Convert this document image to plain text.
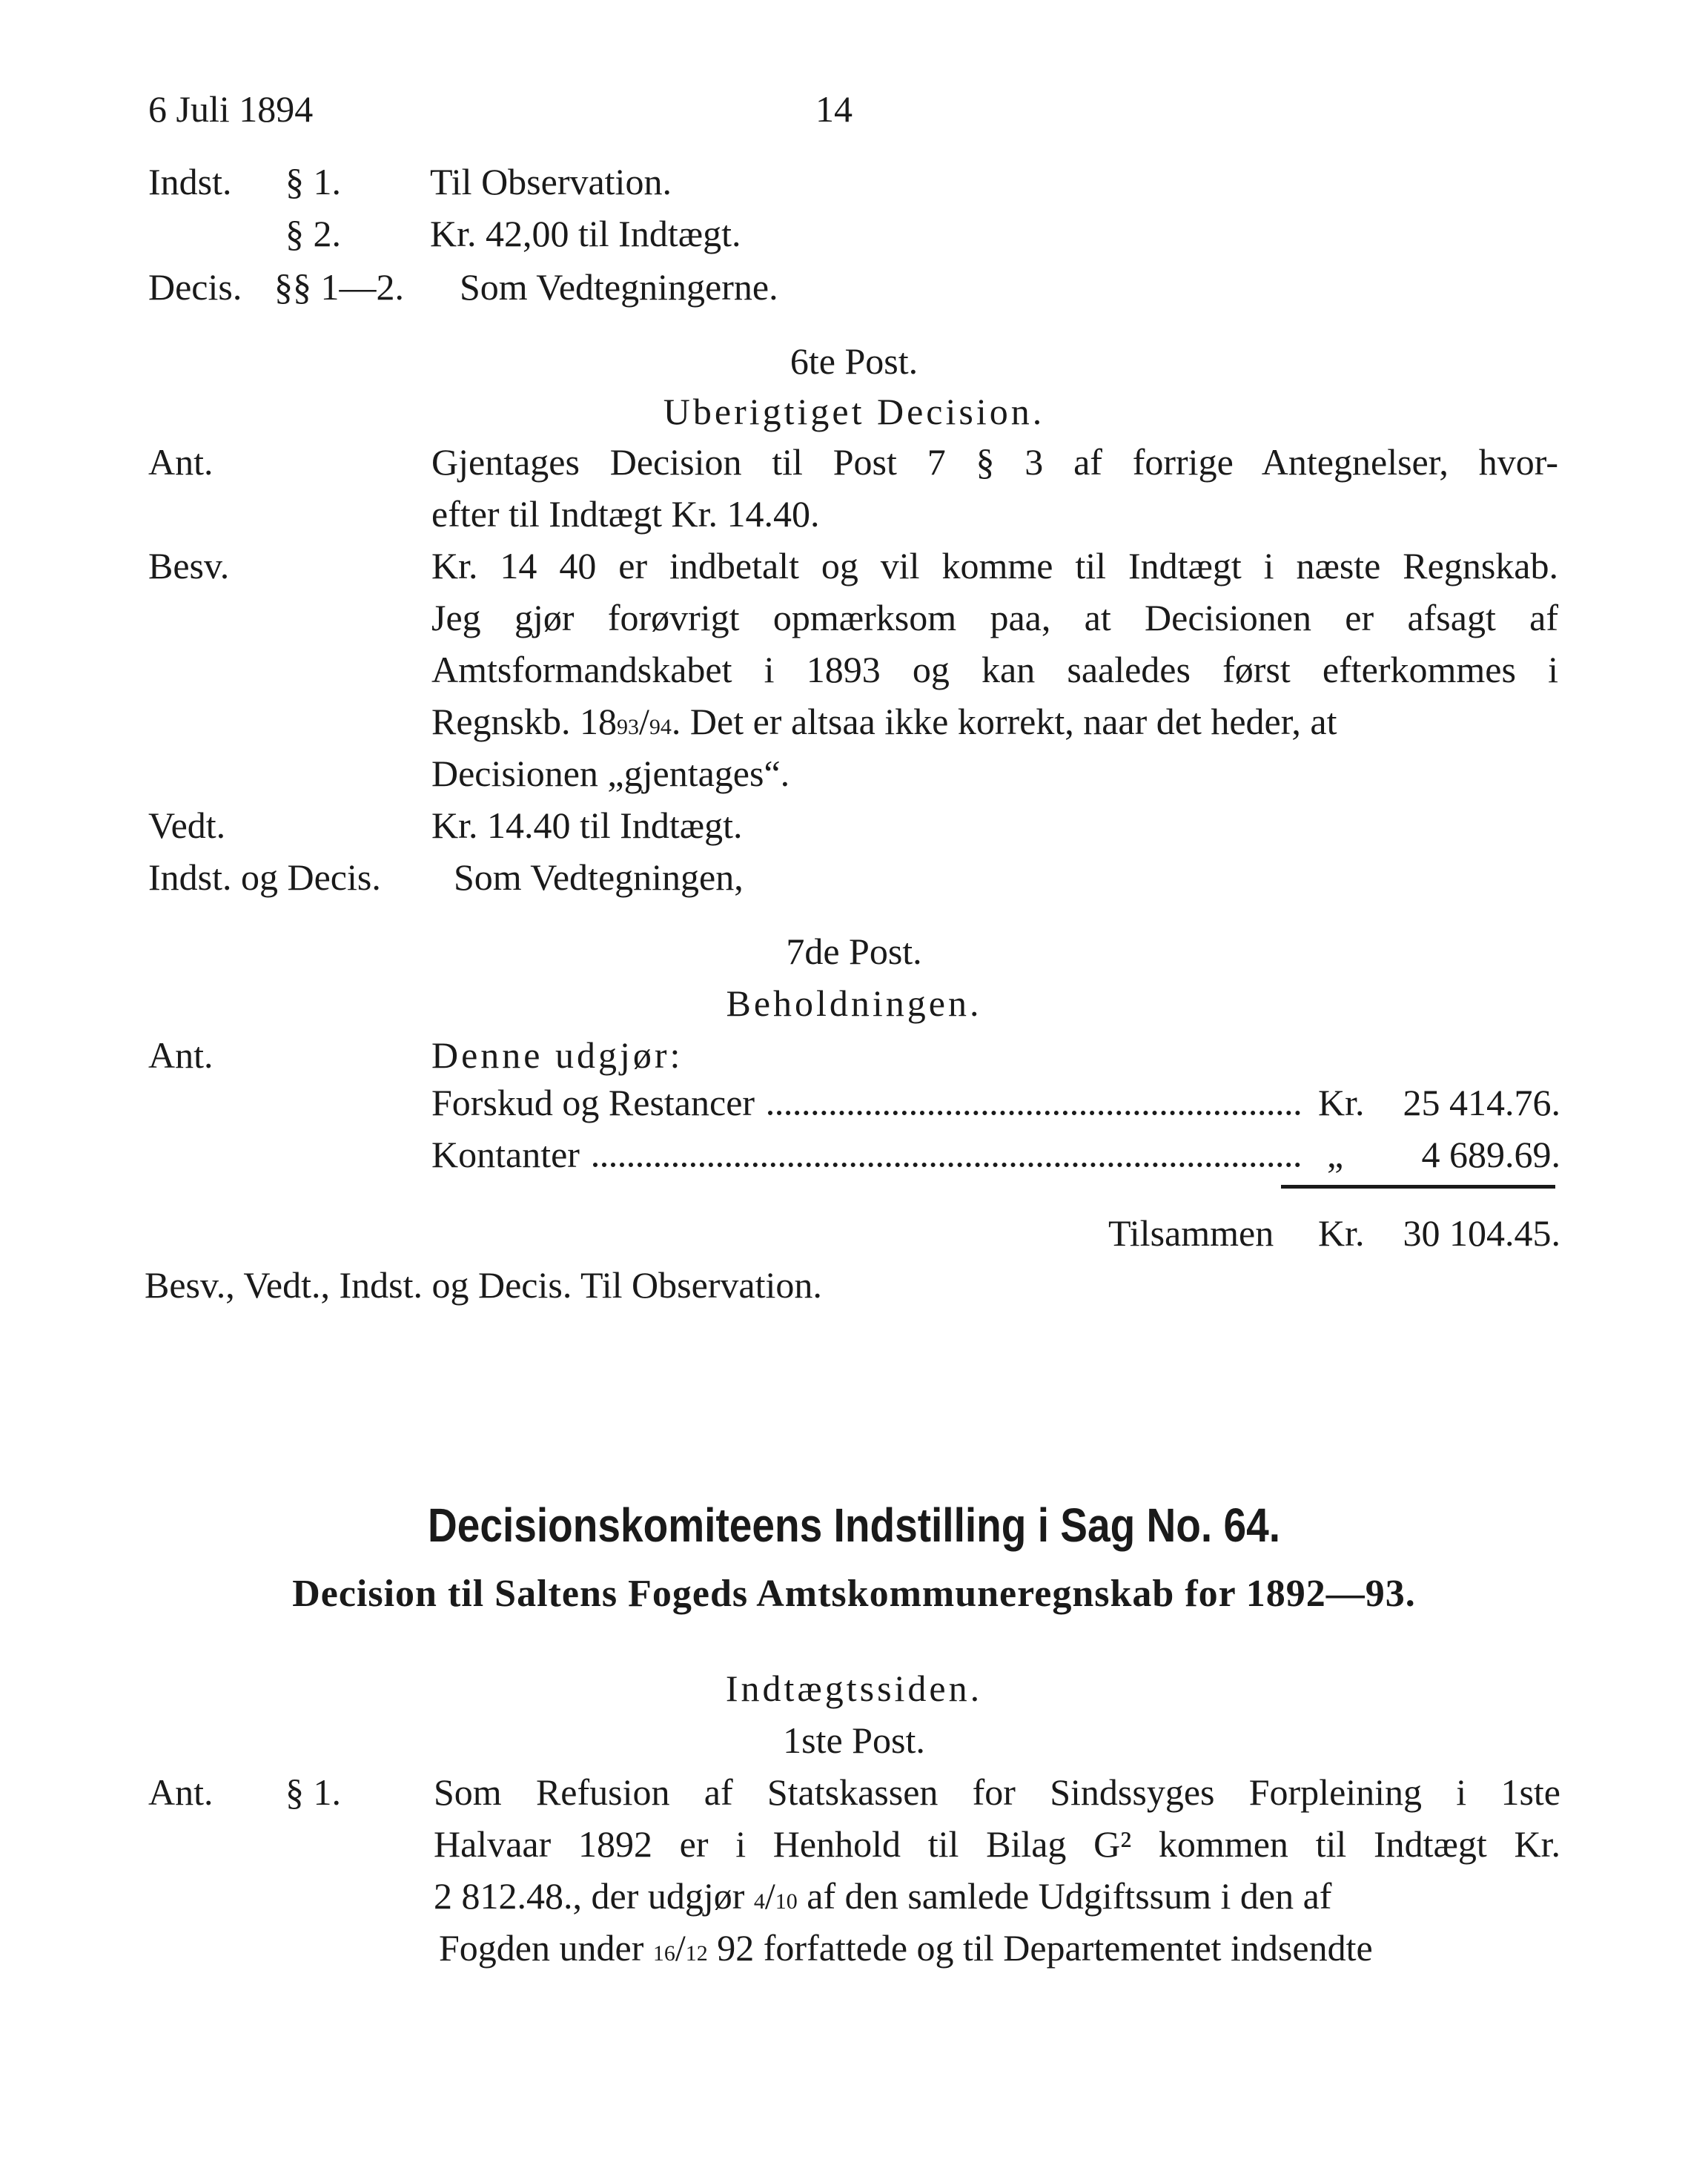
6 Juli 1894	14
Indst. § 1. Til Observation.
§ 2. Kr. 42,00 til Indtægt.
Decis. §§ 1—2. Som Vedtegningerne.
6te Post.
Uberigtiget Decision.
Ant.	Gjentages Decision til Post 7 § 3 af forrige Antegnelser, hvor-
efter til Indtægt Kr. 14.40.
Besv.	Kr. 14 40 er indbetalt og vil komme til Indtægt i næste Regnskab.
Jeg gjør forøvrigt opmærksom paa, at Decisionen er afsagt af
Amtsformandskabet i 1893 og kan saaledes først efterkommes i
Regnskb. 18 93 / 94 . Det er altsaa ikke korrekt, naar det heder, at
Decisionen „gjentages“.
Vedt.	Kr. 14.40 til Indtægt.
Indst. og Decis. Som Vedtegningen,
7de Post.
Beholdningen.
Ant.	Denne udgjør:
Forskud og Restancer	Kr.	25 414.76.
Kontanter	„	4 689.69.
Tilsammen Kr.	30 104.45.
Besv., Vedt., Indst. og Decis. Til Observation.
Decisionskomiteens Indstilling i Sag No. 64.
Decision til Saltens Fogeds Amtskommuneregnskab for 1892—93.
Indtægtssiden.
1ste Post.
Ant. § 1.	Som Refusion af Statskassen for Sindssyges Forpleining i 1ste
Halvaar 1892 er i Henhold til Bilag G² kommen til Indtægt Kr.
2 812.48., der udgjør 4 / 10 af den samlede Udgiftssum i den af
Fogden under 16 / 12 92 forfattede og til Departementet indsendte
